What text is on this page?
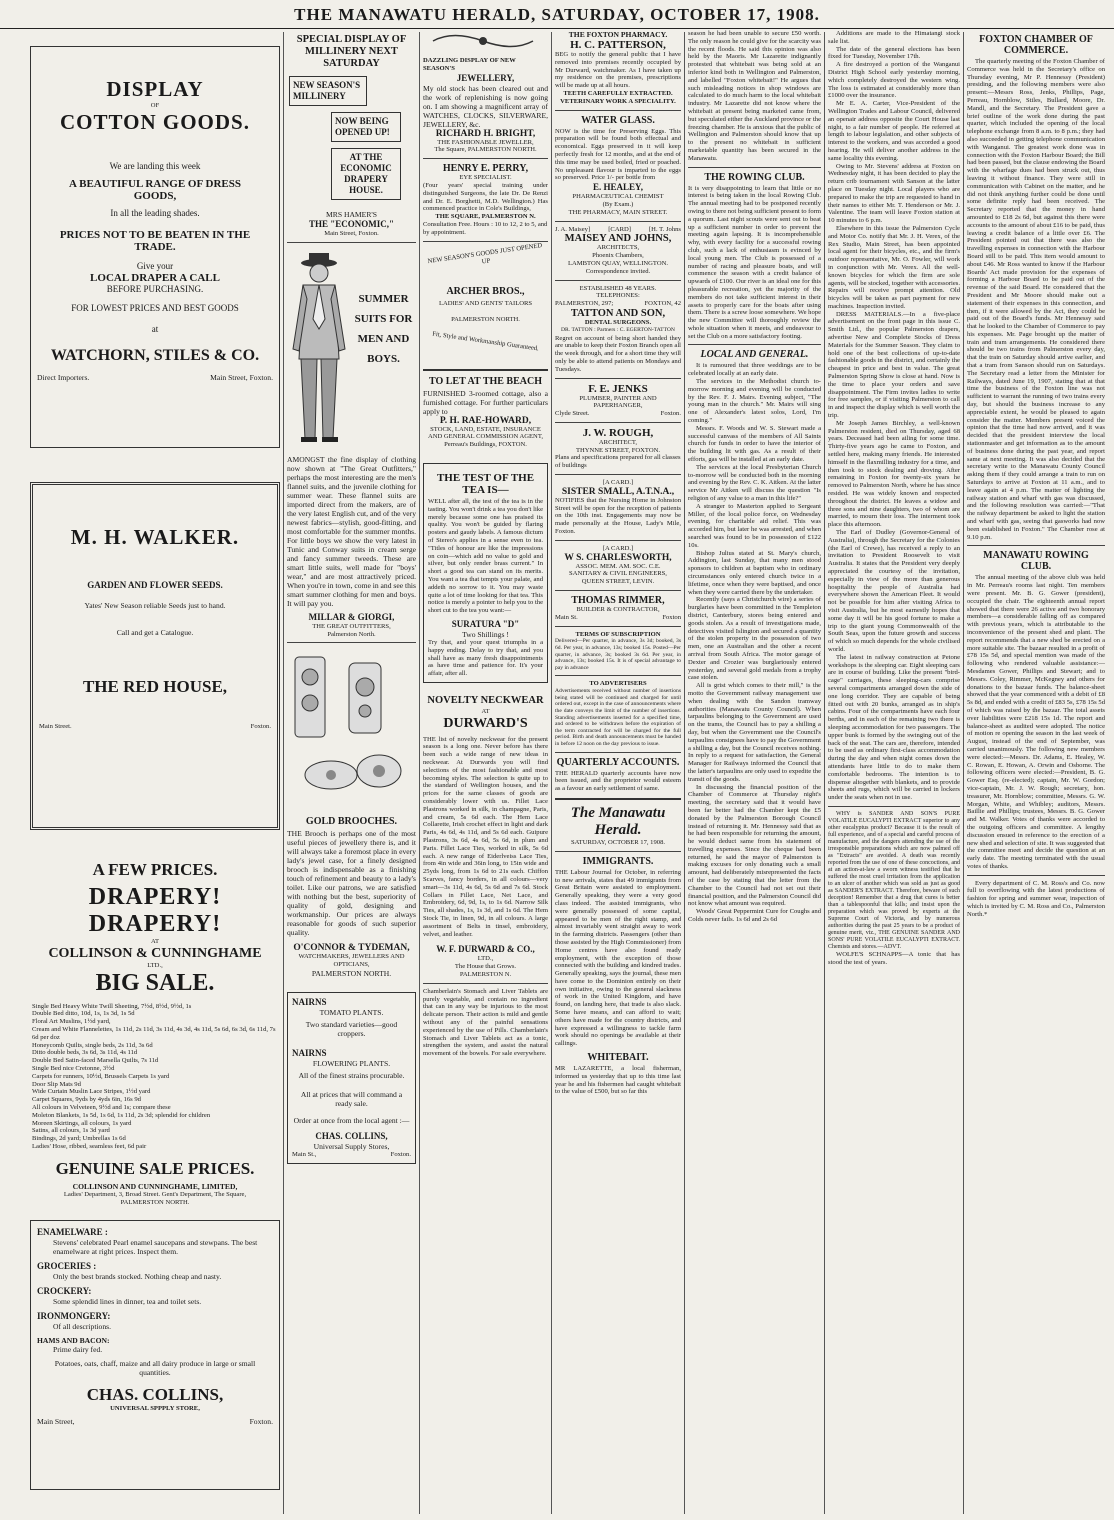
THE MANAWATU HERALD, SATURDAY, OCTOBER 17, 1908.
DISPLAY
OF
COTTON GOODS.
We are landing this week
A BEAUTIFUL RANGE OF DRESS GOODS,
In all the leading shades.
PRICES NOT TO BE BEATEN IN THE TRADE.
Give your
LOCAL DRAPER A CALL
BEFORE PURCHASING.
FOR LOWEST PRICES AND BEST GOODS
at
WATCHORN, STILES & CO.
Direct Importers.	Main Street, Foxton.
M. H. WALKER.
GARDEN AND FLOWER SEEDS.
Yates' New Season reliable Seeds just to hand.
Call and get a Catalogue.
THE RED HOUSE,
Main Street.	Foxton.
A FEW PRICES.
DRAPERY! DRAPERY!
AT
COLLINSON & CUNNINGHAME
LTD.,
BIG SALE.
Single Bed Heavy White Twill Sheeting, 7½d, 8½d, 9½d, 1s
Double Bed ditto, 10d, 1s, 1s 3d, 1s 5d
Floral Art Muslins, 1½d yard,
Cream and White Flannelettes, 1s 11d, 2s 11d, 3s 11d, 4s 3d, 4s 11d, 5s 6d, 6s 3d, 6s 11d, 7s 6d per doz
Honeycomb Quilts, single beds, 2s 11d, 3s 6d
Ditto double beds, 3s 6d, 3s 11d, 4s 11d
Double Bed Satin-faced Marsella Quilts, 7s 11d
Single Bed nice Cretonne, 3½d
Carpets for runners, 10½d, Brussels Carpets 1s yard
Door Slip Mats 9d
Wide Curtain Muslin Lace Stripes, 1½d yard
Carpet Squares, 9yds by 4yds 6in, 16s 9d
All colours in Velveteen, 9½d and 1s; compare these
Moleton Blankets, 1s 5d, 1s 6d, 1s 11d, 2s 3d; splendid for children
Moreen Skirtings, all colours, 1s yard
Satins, all colours, 1s 3d yard
Bindings, 2d yard; Umbrellas 1s 6d
Ladies' Hose, ribbed, seamless feet, 6d pair
GENUINE SALE PRICES.
COLLINSON AND CUNNINGHAME, LIMITED,
Ladies' Department, 3, Broad Street. Gent's Department, The Square,
PALMERSTON NORTH.
ENAMELWARE :
Stevens' celebrated Pearl enamel saucepans and stewpans. The best enamelware at right prices. Inspect them.
GROCERIES :
Only the best brands stocked. Nothing cheap and nasty.
CROCKERY:
Some splendid lines in dinner, tea and toilet sets.
IRONMONGERY:
Of all descriptions.
HAMS AND BACON:
Prime dairy fed.
Potatoes, oats, chaff, maize and all dairy produce in large or small quantities.
CHAS. COLLINS,
UNIVERSAL SPPPLY STORE,
Main Street,	Foxton.
SPECIAL DISPLAY OF MILLINERY NEXT SATURDAY
NEW SEASON'S MILLINERY
NOW BEING OPENED UP!
AT THE ECONOMIC DRAPERY HOUSE.
MRS HAMER'S
THE "ECONOMIC,"
Main Street, Foxton.
SUMMER SUITS FOR MEN AND BOYS.
AMONGST the fine display of clothing now shown at "The Great Outfitters," perhaps the most interesting are the men's flannel suits, and the juvenile clothing for summer wear. These flannel suits are imported direct from the makers, are of the very latest English cut, and of the very newest fabrics—stylish, good-fitting, and most comfortable for the summer months. For little boys we show the very latest in Tunic and Conway suits in cream serge and fancy summer tweeds. These are smart little suits, well made for "boys' wear," and are most attractively priced. When you're in town, come in and see this smart summer clothing for men and boys. It will pay you.
MILLAR & GIORGI,
THE GREAT OUTFITTERS,
Palmerston North.
GOLD BROOCHES.
THE Brooch is perhaps one of the most useful pieces of jewellery there is, and it will always take a foremost place in every lady's jewel case, for a finely designed brooch is indispensable as a finishing touch of refinement and beauty to a lady's toilet. Like our patrons, we are satisfied with nothing but the best, superiority of quality of gold, designing and workmanship. Our prices are always reasonable for goods of such superior quality.
O'CONNOR & TYDEMAN,
WATCHMAKERS, JEWELLERS AND OPTICIANS,
PALMERSTON NORTH.
NAIRNS
TOMATO PLANTS.
Two standard varieties—good croppers.
NAIRNS
FLOWERING PLANTS.
All of the finest strains procurable.
All at prices that will command a ready sale.
Order at once from the local agent :—
CHAS. COLLINS,
Universal Supply Stores,
Main St.,	Foxton.
DAZZLING DISPLAY OF NEW SEASON'S
JEWELLERY,
My old stock has been cleared out and the work of replenishing is now going on. I am showing a magnificent array of WATCHES, CLOCKS, SILVERWARE, JEWELLERY, &c.
RICHARD H. BRIGHT,
THE FASHIONABLE JEWELLER,
The Square, PALMERSTON NORTH.
HENRY E. PERRY,
EYE SPECIALIST.
(Four years' special training under distinguished Surgeons, the late Dr. De Renzi and Dr. E. Borghetti, M.D. Wellington.) Has commenced practice in Cole's Buildings,
THE SQUARE, PALMERSTON N.
Consultation Free. Hours : 10 to 12, 2 to 5, and by appointment.
NEW SEASON'S GOODS JUST OPENED UP
ARCHER BROS.,
LADIES' AND GENTS' TAILORS
PALMERSTON NORTH.
Fit, Style and Workmanship Guaranteed.
TO LET AT THE BEACH
FURNISHED 3-roomed cottage, also a furnished cottage. For further particulars apply to
P. H. RAE-HOWARD,
STOCK, LAND, ESTATE, INSURANCE AND GENERAL COMMISSION AGENT,
Perreau's Buildings, FOXTON.
THE TEST OF THE TEA IS—
WELL after all, the test of the tea is in the tasting. You won't drink a tea you don't like merely because some one has praised its quality. You won't be guided by flaring posters and gaudy labels. A famous dictum of Stereo's applies in a sense even to tea. "Titles of honour are like the impressions on coin—which add no value to gold and silver, but only render brass current." In short a good tea can stand on its merits. You want a tea that tempts your palate, and addeth no sorrow to it. You may waste quite a lot of time looking for that tea. This notice is merely a pointer to help you to the short cut to the tea you want:—
SURATURA "D"
Two Shillings !
Try that, and your quest triumphs in a happy ending. Delay to try that, and you shall have as many fresh disappointments as have time and patience for. It's your affair, after all.
NOVELTY NECKWEAR
AT
DURWARD'S
THE list of novelty neckwear for the present season is a long one. Never before has there been such a wide range of new ideas in neckwear. At Durwards you will find selections of the most fashionable and most becoming styles. The selection is quite up to the standard of Wellington houses, and the prices for the same classes of goods are considerably lower with us. Fillet Lace Plastrons worked in silk, in champagne, Paris, and cream, 5s 6d each. The Hem Lace Collarette, Irish crochet effect in light and dark Paris, 4s 6d, 4s 11d, and 5s 6d each. Guipure Plastrons, 3s 6d, 4s 6d, 5s 6d, in plum and Paris. Fillet Lace Ties, worked in silk, 5s 6d each. A new range of Eiderlveiss Lace Ties, from 4in wide and 36in long, to 15in wide and 25yds long, from 1s 6d to 21s each. Chiffon Scarves, fancy borders, in all colours—very smart—3s 11d, 4s 6d, 5s 6d and 7s 6d. Stock Collars in Fillet Lace, Net Lace, and Embroidery, 6d, 9d, 1s, to 1s 6d. Narrow Silk Ties, all shades, 1s, 1s 3d, and 1s 6d. The Hem Stock Tie, in linen, 9d, in all colours. A large assortment of Belts in tinsel, embroidery, velvet, and leather.
W. F. DURWARD & CO.,
LTD.,
The House that Grows.
PALMERSTON N.
Chamberlain's Stomach and Liver Tablets are purely vegetable, and contain no ingredient that can in any way be injurious to the most delicate person. Their action is mild and gentle without any of the painful sensations experienced by the use of Pills. Chamberlain's Stomach and Liver Tablets act as a tonic, strengthen the system, and assist the natural movement of the bowels. For sale everywhere.
THE FOXTON PHARMACY.
H. C. PATTERSON,
BEG to notify the general public that I have removed into premises recently occupied by Mr Durward, watchmaker. As I have taken up my residence on the premises, prescriptions will be made up at all hours.
TEETH CAREFULLY EXTRACTED.
VETERINARY WORK A SPECIALITY.
WATER GLASS.
NOW is the time for Preserving Eggs. This preparation will be found both effectual and economical. Eggs preserved in it will keep perfectly fresh for 12 months, and at the end of this time may be used boiled, fried or poached. No unpleasant flavour is imparted to the eggs so preserved. Price 1/- per bottle from
E. HEALEY,
PHARMACEUTICAL CHEMIST
(By Exam.)
THE PHARMACY, MAIN STREET.
J. A. Maisey]	[CARD]	[H. T. Johns
MAISEY AND JOHNS,
ARCHITECTS,
Phoenix Chambers,
LAMBTON QUAY, WELLINGTON.
Correspondence invited.
ESTABLISHED 48 YEARS.
TELEPHONES:
PALMERSTON, 297;	FOXTON, 42
TATTON AND SON,
DENTAL SURGEONS.
DR. TATTON : Partners : C. EGERTON-TATTON
Regret on account of being short handed they are unable to keep their Foxton Branch open all the week through, and for a short time they will only be able to attend patients on Mondays and Tuesdays.
F. E. JENKS
PLUMBER, PAINTER AND PAPERHANGER,
Clyde Street.	Foxton.
J. W. ROUGH,
ARCHITECT,
THYNNE STREET, FOXTON.
Plans and specifications prepared for all classes of buildings
[A CARD.]
SISTER SMALL, A.T.N.A.,
NOTIFIES that the Nursing Home in Johnston Street will be open for the reception of patients on the 10th inst. Engagements may now be made personally at the House, Lady's Mile, Foxton.
[A CARD.]
W S. CHARLESWORTH,
ASSOC. MEM. AM. SOC. C.E.
SANITARY & CIVIL ENGINEERS,
QUEEN STREET, LEVIN.
THOMAS RIMMER,
BUILDER & CONTRACTOR,
Main St.	Foxton
TERMS OF SUBSCRIPTION
Delivered—Per quarter, in advance, 3s 3d; booked, 3s 6d. Per year, in advance, 13s; booked 15s. Posted—Per quarter, in advance, 3s; booked 3s 6d. Per year, in advance, 13s; booked 15s. It is of special advantage to pay in advance
TO ADVERTISERS
Advertisements received without number of insertions being stated will be continued and charged for until ordered out, except in the case of announcements where the date conveys the limit of the number of insertions. Standing advertisements inserted for a specified time, and ordered to be withdrawn before the expiration of the term contracted for will be charged for the full period. Birth and death announcements must be handed in before 12 noon on the day previous to issue.
QUARTERLY ACCOUNTS.
THE HERALD quarterly accounts have now been issued, and the proprietor would esteem as a favour an early settlement of same.
The Manawatu Herald.
SATURDAY, OCTOBER 17, 1908.
IMMIGRANTS.
THE Labour Journal for October, in referring to new arrivals, states that 49 immigrants from Great Britain were assisted to employment. Generally speaking, they were a very good class indeed. The assisted immigrants, who were generally possessed of some capital, appeared to be men of the right stamp, and almost invariably went straight away to work in the farming districts. Passengers (other than those assisted by the High Commissioner) from Home centres have also found ready employment, with the exception of those connected with the building and kindred trades. Generally speaking, says the journal, these men have come to the Dominion entirely on their own initiative, owing to the general slackness of work in the United Kingdom, and have found, on landing here, that trade is also slack. Some have means, and can afford to wait; others have made for the country districts, and have expressed a willingness to tackle farm work should no openings be available at their callings.
WHITEBAIT.
MR LAZARETTE, a local fisherman, informed us yesterday that up to this time last year he and his fishermen had caught whitebait to the value of £500, but so far this
season he had been unable to secure £50 worth. The only reason he could give for the scarcity was the recent floods. He said this opinion was also held by the Maoris. Mr Lazarette indignantly protested that whitebait was being sold at an inferior kind both in Wellington and Palmerston, and labelled "Foxton whitebait!" He argues that such misleading notices in shop windows are calculated to do much harm to the local whitebait industry. Mr Lazarette did not know where the whitebait at present being marketed came from, but speculated either the Auckland province or the freezing chamber. He is anxious that the public of Wellington and Palmerston should know that up to the present no whitebait in sufficient marketable quantity has been secured in the Manawatu.
THE ROWING CLUB.
It is very disappointing to learn that little or no interest is being taken in the local Rowing Club. The annual meeting had to be postponed recently owing to there not being sufficient present to form a quorum. Last night scouts were sent out to beat up a sufficient number in order to prevent the meeting again lapsing. It is incomprehensible why, with every facility for a successful rowing club, such a lack of enthusiasm is evinced by local young men. The Club is possessed of a number of racing and pleasure boats, and will commence the season with a credit balance of upwards of £100. Our river is an ideal one for this pleasurable recreation, yet the majority of the members do not take sufficient interest in their assets to properly care for the boats after using them. There is a screw loose somewhere. We hope the new Committee will thoroughly review the whole situation when it meets, and endeavour to set the Club on a more satisfactory footing.
LOCAL AND GENERAL.
It is rumoured that three weddings are to be celebrated locally at an early date.
The services in the Methodist church to-morrow morning and evening will be conducted by the Rev. F. J. Mairs. Evening subject, "The young man in the church." Mr. Mairs will sing one of Alexander's latest solos, Lord, I'm coming."
Messrs. F. Woods and W. S. Stewart made a successful canvass of the members of All Saints church for funds in order to have the interior of the building lit with gas. As a result of their efforts, gas will be installed at an early date.
The services at the local Presbyterian Church to-morrow will be conducted both in the morning and evening by the Rev. C. K. Aitken. At the latter service Mr Aitken will discuss the question "Is religion of any value to a man in this life?"
A stranger to Masterton applied to Sergeant Miller, of the local police force, on Wednesday evening, for charitable aid relief. This was accorded him, but later he was arrested, and when searched was found to be in possession of £122 10s.
Bishop Julius stated at St. Mary's church, Addington, last Sunday, that many men stood sponsors to children at baptism who in ordinary circumstances only entered church twice in a lifetime, once when they were baptised, and once when they were carried there by the undertaker.
Recently (says a Christchurch wire) a series of burglaries have been committed in the Templeton district, Canterbury, stores being entered and goods stolen. As a result of investigations made, detectives visited Islington and secured a quantity of the stolen property in the possession of two men, one an Australian and the other a recent arrival from South Africa. The motor garage of Dexter and Crozier was burglariously entered yesterday, and several gold medals from a trophy case stolen.
All is grist which comes to their mill," is the motto the Government railway management use when dealing with the Sandon tramway authorities (Manawatu County Council). When tarpaulins belonging to the Government are used on the trams, the Council has to pay a shilling a day, but when the Government use the Council's tarpaulins consignees have to pay the Government a shilling a day, but the Council receives nothing. In reply to a request for satisfaction, the General Manager for Railways informed the Council that the latter's tarpaulins are only used to expedite the transit of the goods.
In discussing the financial position of the Chamber of Commerce at Thursday night's meeting, the secretary said that it would have been far better had the Chamber kept the £5 donated by the Palmerston Borough Council instead of returning it. Mr. Hennessy said that as he had been responsible for returning the amount, he would deduct same from his statement of travelling expenses. Since the cheque had been returned, he said the mayor of Palmerston is making excuses for only donating such a small amount, had deliberately misrepresented the facts of the case by stating that the letter from the Chamber to the Council had not set out their financial position, and the Palmerston Council did not know what amount was required.
Woods' Great Peppermint Cure for Coughs and Colds never fails. 1s 6d and 2s 6d
Additions are made to the Himatangi stock sale list.
The date of the general elections has been fixed for Tuesday, November 17th.
A fire destroyed a portion of the Wanganui District High School early yesterday morning, which completely destroyed the western wing. The loss is estimated at considerably more than £1000 over the insurance.
Mr E. A. Carter, Vice-President of the Wellington Trades and Labour Council, delivered an openair address opposite the Court House last night, to a fair number of people. He referred at length to labour legislation, and other subjects of interest to the workers, and was accorded a good hearing. He will deliver another address in the same locality this evening.
Owing to Mr. Stevens' address at Foxton on Wednesday night, it has been decided to play the return crib tournament with Sanson at the latter place on Tuesday night. Local players who are prepared to make the trip are requested to hand in their names to either Mr. T. Henderson or Mr. J. Valentine. The team will leave Foxton station at 10 minutes to 6 p.m.
Elsewhere in this issue the Palmerston Cycle and Motor Co. notify that Mr. J. H. Verex, of the Rex Studio, Main Street, has been appointed local agent for their bicycles, etc., and the firm's outdoor representative, Mr. O. Fowler, will work in conjunction with Mr. Verex. All the well-known bicycles for which the firm are sole agents, will be stocked, together with accessories. Repairs will receive prompt attention. Old bicycles will be taken as part payment for new machines. Inspection invited.
DRESS MATERIALS.—In a five-place advertisement on the front page in this issue C. Smith Ltd., the popular Palmerston drapers, advertise New and Complete Stocks of Dress Materials for the Summer Season. They claim to hold one of the best collections of up-to-date fashionable goods in the district, and certainly the cheapest in price and best in value. The great Palmerston Spring Show is close at hand. Now is the time to place your orders and save disappointment. The Firm invites ladies to write for free samples, or if visiting Palmerston to call in and inspect the display which is well worth the trip.
Mr Joseph James Birchley, a well-known Palmerston resident, died on Thursday, aged 68 years. Deceased had been ailing for some time. Thirty-five years ago he came to Foxton, and settled here, making many friends. He interested himself in the flaxmilling industry for a time, and then took to stock dealing and droving. After remaining in Foxton for twenty-six years he removed to Palmerston North, where he has since resided. He was widely known and respected throughout the district. He leaves a widow and three sons and nine daughters, two of whom are married, to mourn their loss. The interment took place this afternoon.
The Earl of Dudley (Governor-General of Australia), through the Secretary for the Colonies (the Earl of Crewe), has received a reply to an invitation to President Roosevelt to visit Australia. It states that the President very deeply appreciated the courtesy of the invitation, especially in view of the more than generous hospitality the people of Australia had everywhere shown the American Fleet. It would not be possible for him after visiting Africa to visit Australia, but he most earnestly hopes that some day it will be his good fortune to make a trip to the giant young Commonwealth of the South Seas, upon the future growth and success of which so much depends for the whole civilised world.
The latest in railway construction at Petone workshops is the sleeping car. Eight sleeping cars are in course of building. Like the present "bird-cage" carriages, these sleeping-cars comprise several compartments arranged down the side of one long corridor. They are capable of being fitted out with 20 bunks, arranged as in ship's cabins. Four of the compartments have each four berths, and in each of the remaining two there is sleeping accommodation for two passengers. The upper bunk is formed by the swinging out of the back of the seat. The cars are, therefore, intended to be used as ordinary first-class accommodation during the day and when night comes down the attendants have little to do to make them comfortable bedrooms. The intention is to dispense altogether with blankets, and to provide sheets and rugs, which will be carried in lockers under the seats when not in use.
WHY is SANDER AND SON'S PURE VOLATILE EUCALYPTI EXTRACT superior to any other eucalyptus product? Because it is the result of full experience, and of a special and careful process of manufacture, and the dangers attending the use of the irresponsible preparations which are now palmed off as "Extracts" are avoided. A death was recently reported from the use of one of these concoctions, and at an action-at-law a sworn witness testified that he suffered the most cruel irritation from the application to an ulcer of another which was sold as just as good as SANDER'S EXTRACT. Therefore, beware of such deception! Remember that a drug that cures is better than a tablespoonful that kills; and insist upon the preparation which was proved by experts at the Supreme Court of Victoria, and by numerous authorities during the past 25 years to be a product of genuine merit, viz., THE GENUINE SANDER AND SONS' PURE VOLATILE EUCALYPTI EXTRACT. Chemists and stores.—ADVT.
WOLFE'S SCHNAPPS—A tonic that has stood the test of years.
FOXTON CHAMBER OF COMMERCE.
The quarterly meeting of the Foxton Chamber of Commerce was held in the Secretary's office on Thursday evening, Mr P. Hennessy (President) presiding, and the following members were also present:—Messrs Ross, Jenks, Phillips, Page, Perreau, Hornblow, Stiles, Bullard, Moore, Dr. Mandl, and the Secretary. The President gave a brief outline of the work done during the past quarter, which included the opening of the local telephone exchange from 8 a.m. to 8 p.m.; they had also succeeded in getting telephone communication with Wanganui. The greatest work done was in connection with the Foxton Harbour Board; the Bill had been passed, but the clause endowing the Board with the wharfage dues had been struck out, thus leaving it without finance. They were still in communication with Cabinet on the matter, and he did not think anything further could be done until some definite reply had been received. The Secretary reported that the money in hand amounted to £18 2s 6d, but against this there were accounts to the amount of about £16 to be paid, thus leaving a credit balance of a little over £6. The President pointed out that there was also the travelling expenses in connection with the Harbour Board still to be paid. This item would amount to about £46. Mr Ross wanted to know if the Harbour Boards' Act made provision for the expenses of forming a Harbour Board to be paid out of the revenue of the said Board. He considered that the President and Mr Moore should make out a statement of their expenses in this connection, and then, if it were allowed by the Act, they could be paid out of the Board's funds. Mr Hennessy said that he looked to the Chamber of Commerce to pay his expenses. Mr. Page brought up the matter of train and tram arrangements. He considered there should be two trains from Palmerston every day, that the train on Saturday should arrive earlier, and that a tram from Sanson should run on Saturdays. The Secretary read a letter from the Minister for Railways, dated June 19, 1907, stating that at that time the business of the Foxton line was not sufficient to warrant the running of two trains every day, but should the business increase to any appreciable extent, he would be pleased to again consider the matter. Members present voiced the opinion that the time had now arrived, and it was decided that the president interview the local stationmaster and get information as to the amount of business done during the past year, and report same at next meeting. It was also decided that the secretary write to the Manawatu County Council asking them if they could arrange a train to run on Saturdays to arrive at Foxton at 11 a.m., and to leave again at 4 p.m. The matter of lighting the railway station and wharf with gas was discussed, and the following resolution was carried:—"That the railway department be asked to light the station and wharf with gas, seeing that gasworks had now been established in Foxton." The Chamber rose at 9.10 p.m.
MANAWATU ROWING CLUB.
The annual meeting of the above club was held in Mr. Perreau's rooms last night. Ten members were present. Mr. B. G. Gower (president), occupied the chair. The eighteenth annual report showed that there were 26 active and two honorary members—a considerable falling off as compared with previous years, which is attributable to the inconvenience of the present shed and plant. The report recommends that a new shed be erected on a more suitable site. The bazaar resulted in a profit of £78 15s 5d, and special mention was made of the following who rendered valuable assistance:—Mesdames Gower, Phillips and Stewart; and to Messrs. Coley, Rimmer, McKegney and others for donations to the bazaar funds. The balance-sheet showed that the year commenced with a debit of £8 5s 8d, and ended with a credit of £83 5s, £78 15s 5d of which was raised by the bazaar. The total assets over liabilities were £218 15s 1d. The report and balance-sheet as audited were adopted. The notice of motion re opening the season in the last week of August, instead of the end of September, was carried unanimously. The following new members were elected:—Messrs. Dr. Adams, E. Healey, W. C. Rowan, E. Howan, A. Orwin and Osborne. The following officers were elected:—President, B. G. Gower Esq. (re-elected); captain, Mr. W. Gordon; vice-captain, Mr. J. W. Rough; secretary, hon. treasurer, Mr. Hornblow; committee, Messrs. G. W. Morgan, White, and Whibley; auditors, Messrs. Baillie and Phillips; trustees, Messrs. B. G. Gower and M. Walker. Votes of thanks were accorded to the outgoing officers and committee. A lengthy discussion ensued in reference to the erection of a new shed and selection of site. It was suggested that the committee meet and decide the question at an early date. The meeting terminated with the usual votes of thanks.
Every department of C. M. Ross's and Co. now full to overflowing with the latest productions of fashion for spring and summer wear, inspection of which is invited by C. M. Ross and Co., Palmerston North.*
